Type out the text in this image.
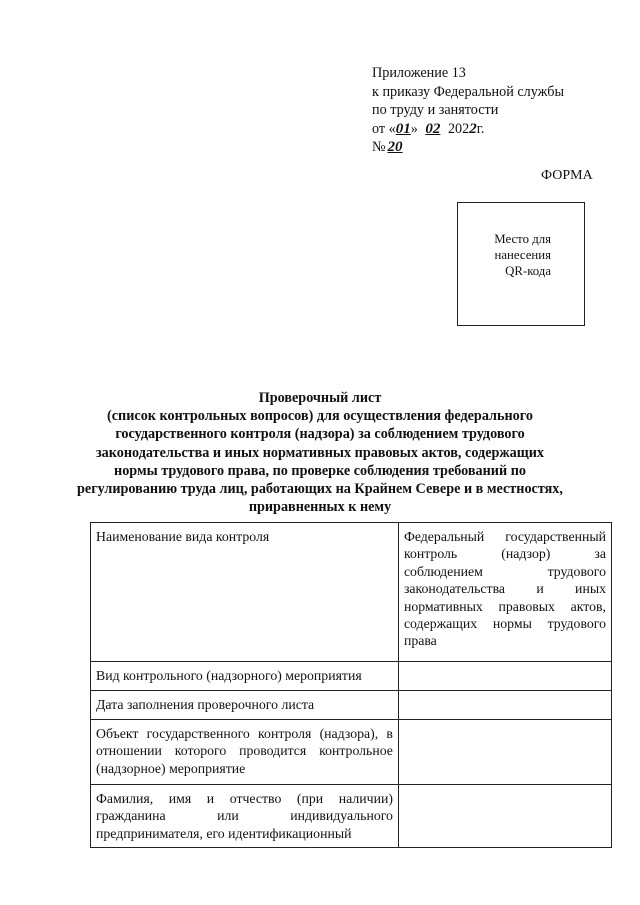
Приложение 13
к приказу Федеральной службы
по труду и занятости
от «01» 02 2022г.
№ 20
ФОРМА
Место для
нанесения
QR-кода
Проверочный лист
(список контрольных вопросов) для осуществления федерального
государственного контроля (надзора) за соблюдением трудового
законодательства и иных нормативных правовых актов, содержащих
нормы трудового права, по проверке соблюдения требований по
регулированию труда лиц, работающих на Крайнем Севере и в местностях,
приравненных к нему
Наименование вида контроля	Федеральный государственный контроль (надзор) за соблюдением трудового законодательства и иных нормативных правовых актов, содержащих нормы трудового права
Вид контрольного (надзорного) мероприятия	
Дата заполнения проверочного листа	
Объект государственного контроля (надзора), в отношении которого проводится контрольное (надзорное) мероприятие	
Фамилия, имя и отчество (при наличии) гражданина или индивидуального предпринимателя, его идентификационный	
